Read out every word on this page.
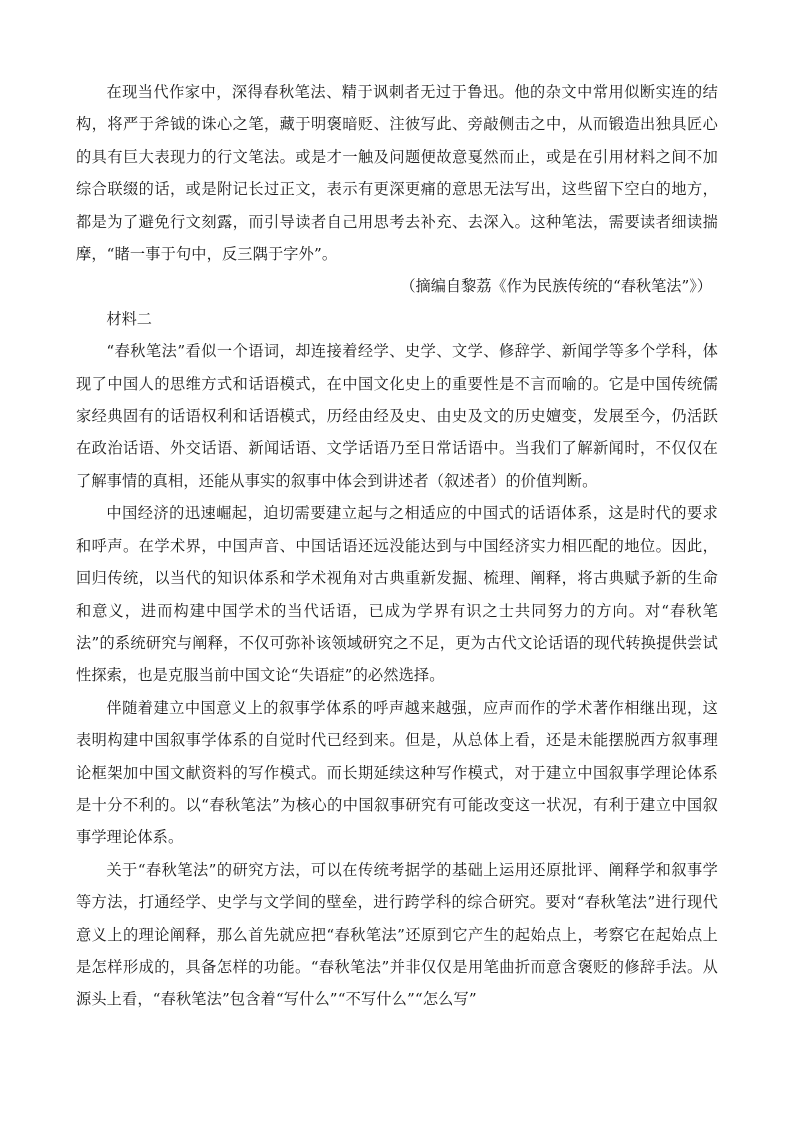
在现当代作家中，深得春秋笔法、精于讽刺者无过于鲁迅。他的杂文中常用似断实连的结构，将严于斧钺的诛心之笔，藏于明褒暗贬、注彼写此、旁敲侧击之中，从而锻造出独具匠心的具有巨大表现力的行文笔法。或是才一触及问题便故意戛然而止，或是在引用材料之间不加综合联缀的话，或是附记长过正文，表示有更深更痛的意思无法写出，这些留下空白的地方，都是为了避免行文刻露，而引导读者自己用思考去补充、去深入。这种笔法，需要读者细读揣摩，“睹一事于句中，反三隅于字外”。

（摘编自黎荔《作为民族传统的“春秋笔法”》）

材料二

“春秋笔法”看似一个语词，却连接着经学、史学、文学、修辞学、新闻学等多个学科，体现了中国人的思维方式和话语模式，在中国文化史上的重要性是不言而喻的。它是中国传统儒家经典固有的话语权利和话语模式，历经由经及史、由史及文的历史嬗变，发展至今，仍活跃在政治话语、外交话语、新闻话语、文学话语乃至日常话语中。当我们了解新闻时，不仅仅在了解事情的真相，还能从事实的叙事中体会到讲述者（叙述者）的价值判断。

中国经济的迅速崛起，迫切需要建立起与之相适应的中国式的话语体系，这是时代的要求和呼声。在学术界，中国声音、中国话语还远没能达到与中国经济实力相匹配的地位。因此，回归传统，以当代的知识体系和学术视角对古典重新发掘、梳理、阐释，将古典赋予新的生命和意义，进而构建中国学术的当代话语，已成为学界有识之士共同努力的方向。对“春秋笔法”的系统研究与阐释，不仅可弥补该领域研究之不足，更为古代文论话语的现代转换提供尝试性探索，也是克服当前中国文论“失语症”的必然选择。

伴随着建立中国意义上的叙事学体系的呼声越来越强，应声而作的学术著作相继出现，这表明构建中国叙事学体系的自觉时代已经到来。但是，从总体上看，还是未能摆脱西方叙事理论框架加中国文献资料的写作模式。而长期延续这种写作模式，对于建立中国叙事学理论体系是十分不利的。以“春秋笔法”为核心的中国叙事研究有可能改变这一状况，有利于建立中国叙事学理论体系。

关于“春秋笔法”的研究方法，可以在传统考据学的基础上运用还原批评、阐释学和叙事学等方法，打通经学、史学与文学间的壁垒，进行跨学科的综合研究。要对“春秋笔法”进行现代意义上的理论阐释，那么首先就应把“春秋笔法”还原到它产生的起始点上，考察它在起始点上是怎样形成的，具备怎样的功能。“春秋笔法”并非仅仅是用笔曲折而意含褒贬的修辞手法。从源头上看，“春秋笔法”包含着“写什么”“不写什么”“怎么写”
